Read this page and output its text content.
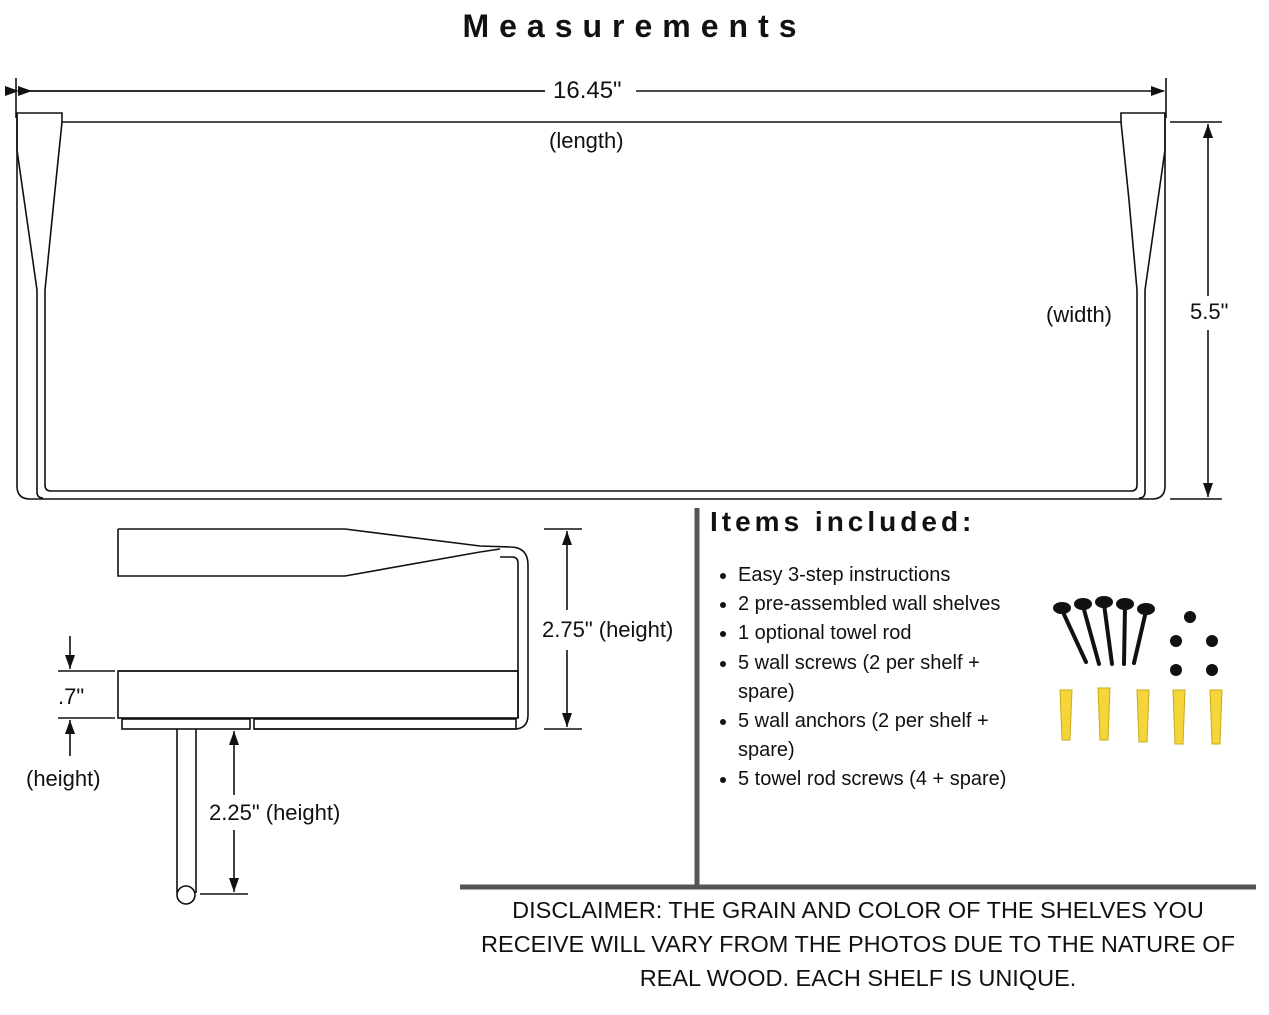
Measurements
16.45"
(length)
(width)	5.5"
2.75" (height)
.7"
(height)
2.25" (height)
Items included:
• Easy 3-step instructions
• 2 pre-assembled wall shelves
• 1 optional towel rod
• 5 wall screws (2 per shelf + spare)
• 5 wall anchors (2 per shelf + spare)
• 5 towel rod screws (4 + spare)
DISCLAIMER: THE GRAIN AND COLOR OF THE SHELVES YOU RECEIVE WILL VARY FROM THE PHOTOS DUE TO THE NATURE OF REAL WOOD. EACH SHELF IS UNIQUE.
